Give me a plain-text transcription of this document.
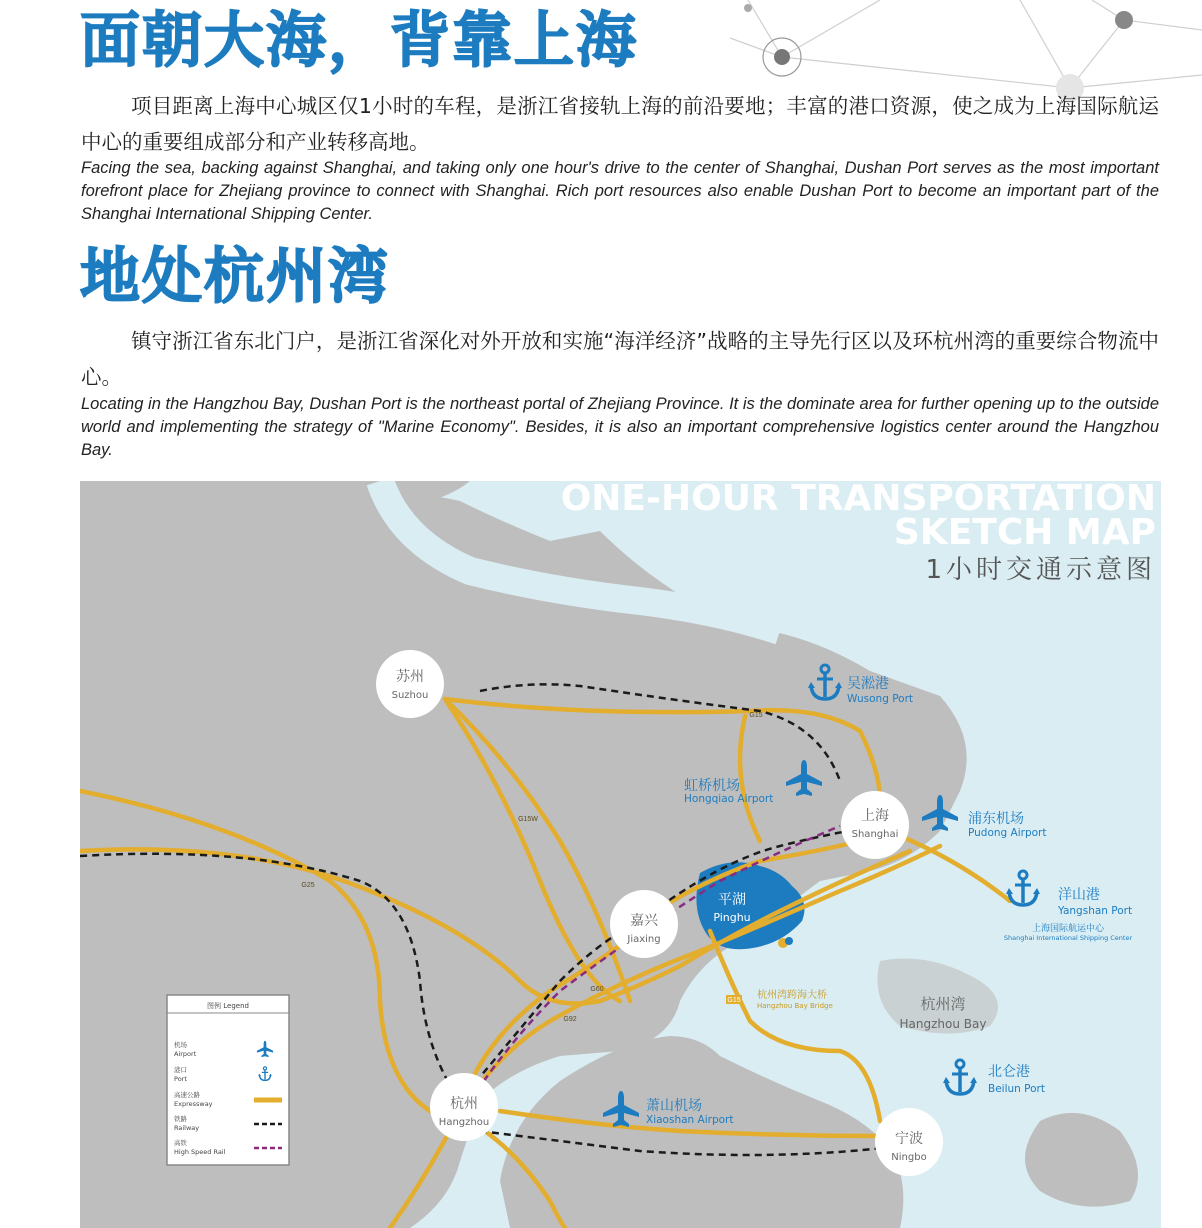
面朝大海，背靠上海

项目距离上海中心城区仅1小时的车程，是浙江省接轨上海的前沿要地；丰富的港口资源，使之成为上海国际航运中心的重要组成部分和产业转移高地。

Facing the sea, backing against Shanghai, and taking only one hour's drive to the center of Shanghai, Dushan Port serves as the most important forefront place for Zhejiang province to connect with Shanghai. Rich port resources also enable Dushan Port to become an important part of the Shanghai International Shipping Center.

地处杭州湾

镇守浙江省东北门户，是浙江省深化对外开放和实施“海洋经济”战略的主导先行区以及环杭州湾的重要综合物流中心。

Locating in the Hangzhou Bay, Dushan Port is the northeast portal of Zhejiang Province. It is the dominate area for further opening up to the outside world and implementing the strategy of "Marine Economy". Besides, it is also an important comprehensive logistics center around the Hangzhou Bay.

G15
G15W
G25
G60
G92
ONE-HOUR TRANSPORTATION
SKETCH MAP
1小时交通示意图
苏州
Suzhou
上海
Shanghai
嘉兴
Jiaxing
杭州
Hangzhou
宁波
Ningbo
平湖
Pinghu
吴淞港
Wusong Port
洋山港
Yangshan Port
上海国际航运中心
Shanghai International Shipping Center
北仑港
Beilun Port
虹桥机场
Hongqiao Airport
浦东机场
Pudong Airport
萧山机场
Xiaoshan Airport
G15 杭州湾跨海大桥
Hangzhou Bay Bridge	杭州湾
Hangzhou Bay
图例 Legend
机场
Airport
港口
Port
高速公路
Expressway
铁路
Railway
高铁
High Speed Rail
